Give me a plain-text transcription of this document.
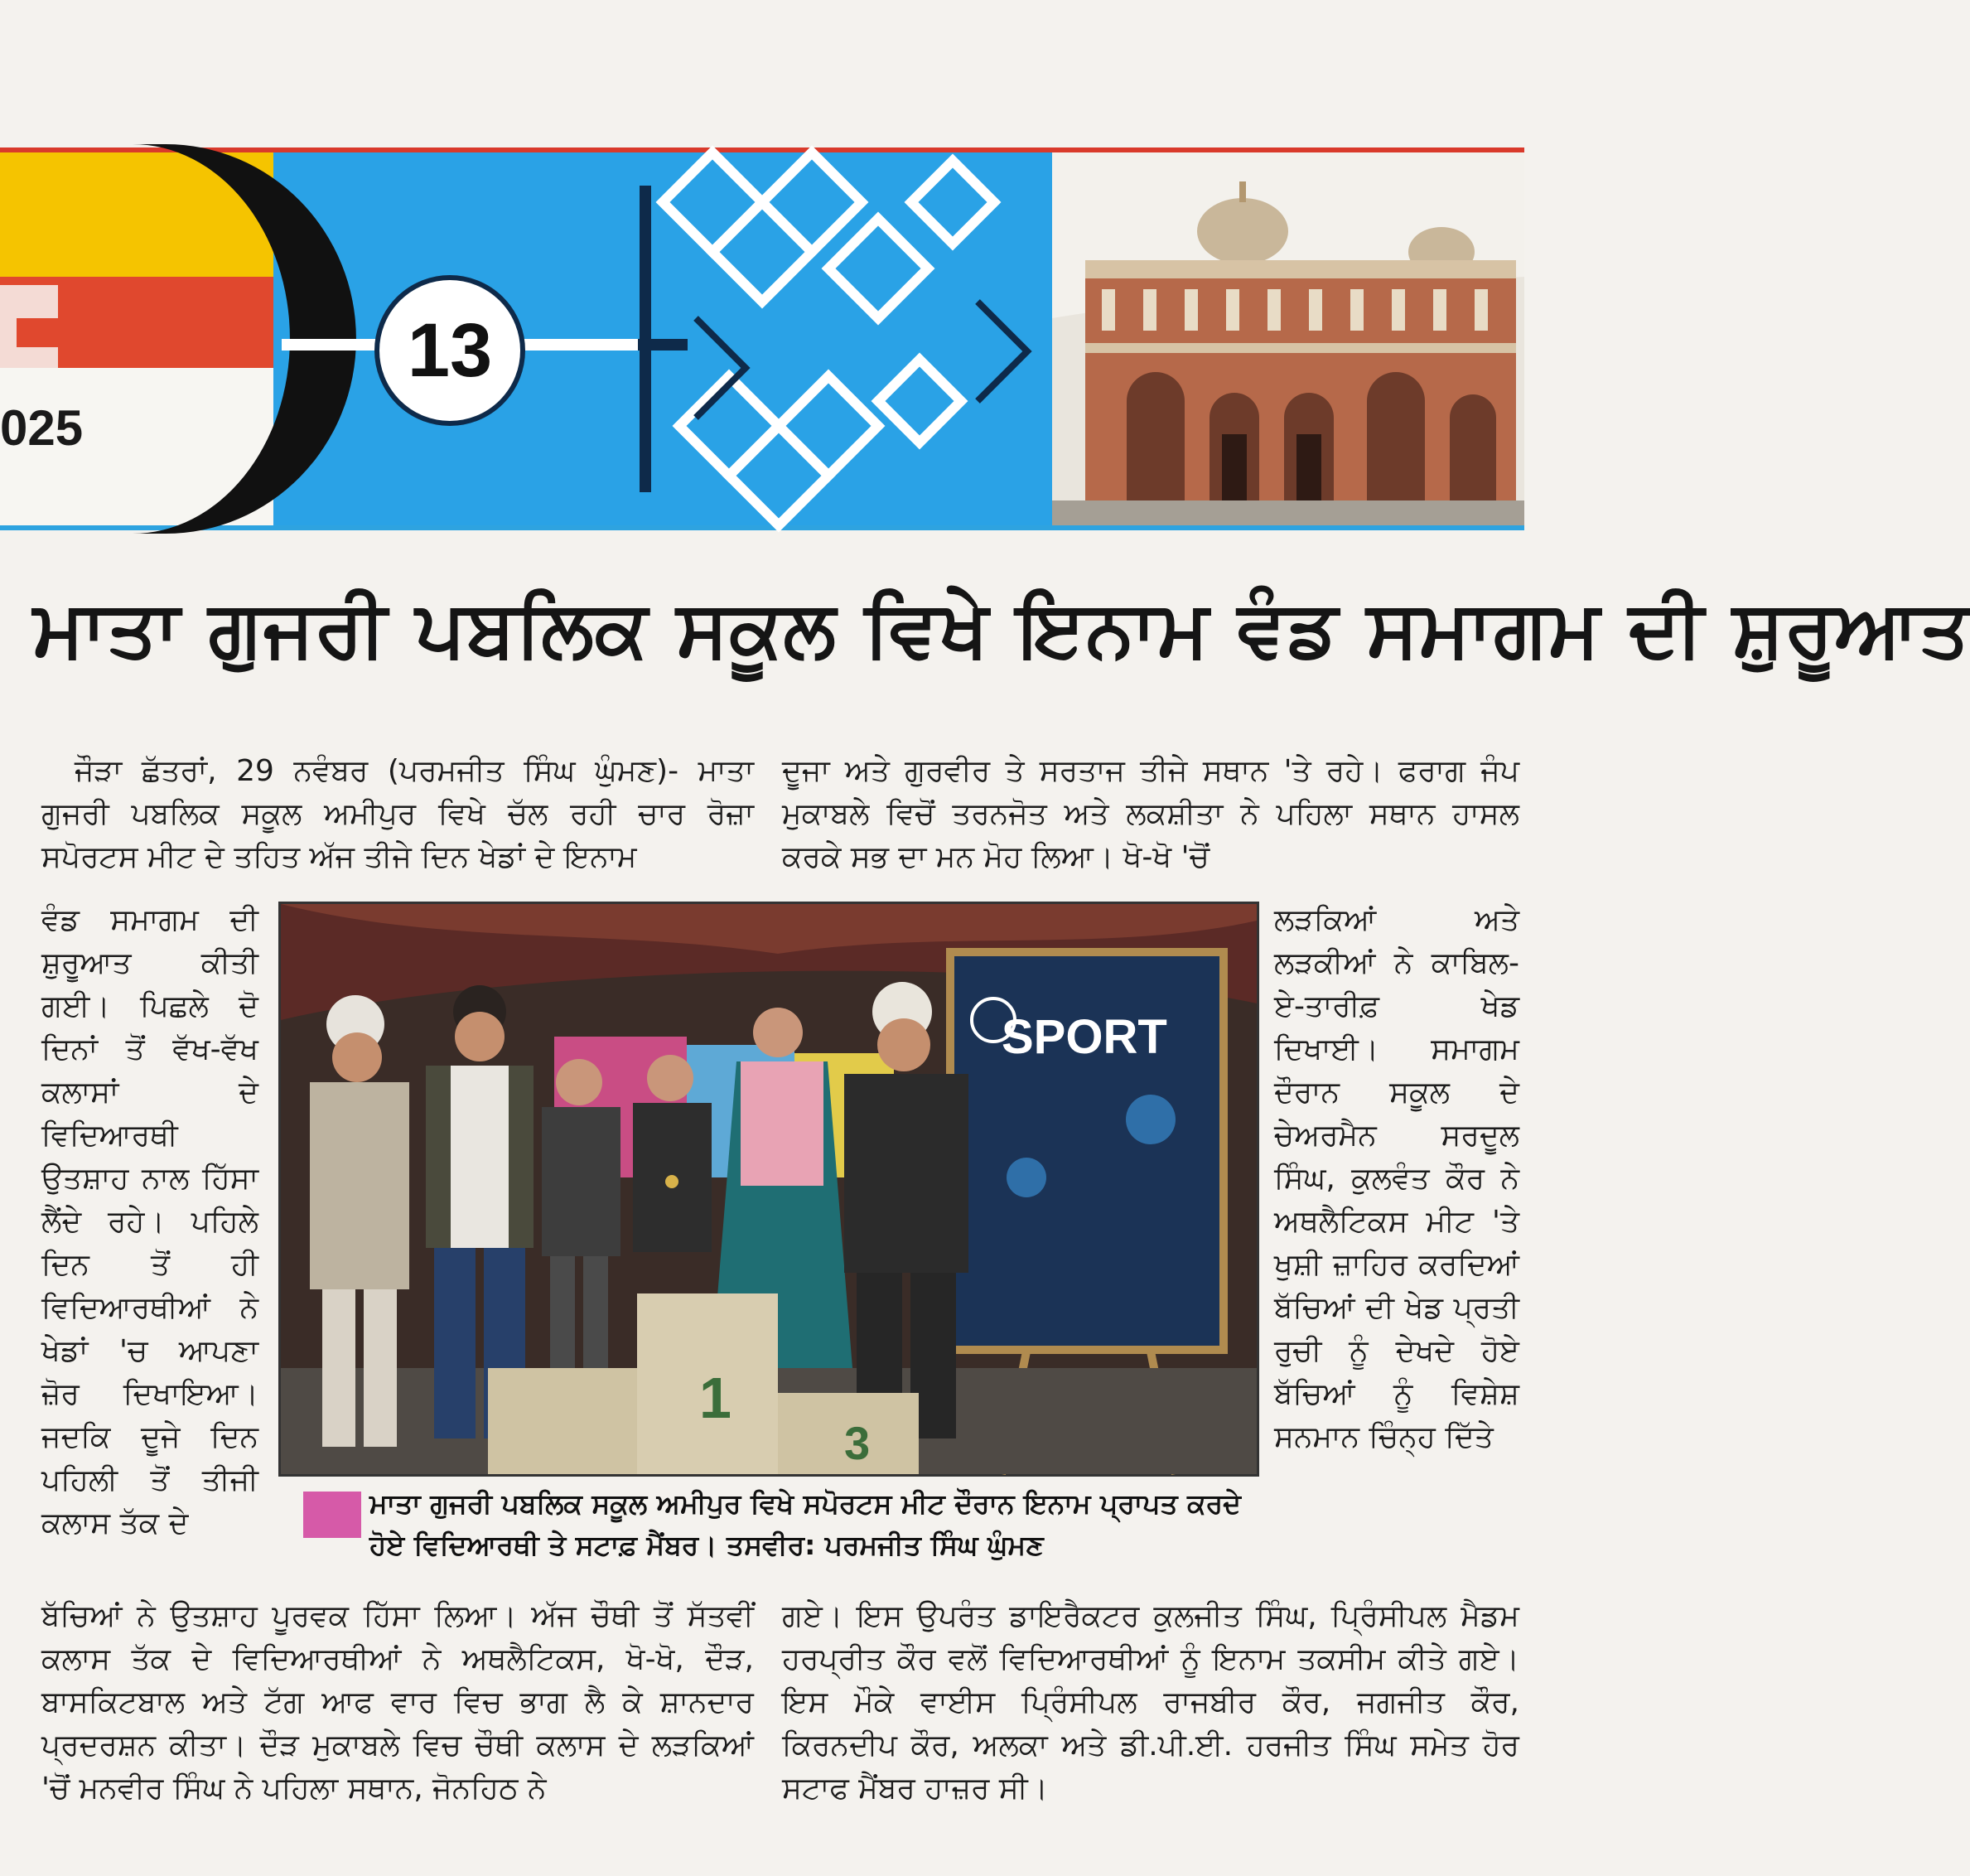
025
13
ਮਾਤਾ ਗੁਜਰੀ ਪਬਲਿਕ ਸਕੂਲ ਵਿਖੇ ਇਨਾਮ ਵੰਡ ਸਮਾਗਮ ਦੀ ਸ਼ੁਰੂਆਤ

ਜੌੜਾ ਛੱਤਰਾਂ, 29 ਨਵੰਬਰ (ਪਰਮਜੀਤ ਸਿੰਘ ਘੁੰਮਣ)- ਮਾਤਾ ਗੁਜਰੀ ਪਬਲਿਕ ਸਕੂਲ ਅਮੀਪੁਰ ਵਿਖੇ ਚੱਲ ਰਹੀ ਚਾਰ ਰੋਜ਼ਾ ਸਪੋਰਟਸ ਮੀਟ ਦੇ ਤਹਿਤ ਅੱਜ ਤੀਜੇ ਦਿਨ ਖੇਡਾਂ ਦੇ ਇਨਾਮ

ਦੂਜਾ ਅਤੇ ਗੁਰਵੀਰ ਤੇ ਸਰਤਾਜ ਤੀਜੇ ਸਥਾਨ 'ਤੇ ਰਹੇ। ਫਰਾਗ ਜੰਪ ਮੁਕਾਬਲੇ ਵਿਚੋਂ ਤਰਨਜੋਤ ਅਤੇ ਲਕਸ਼ੀਤਾ ਨੇ ਪਹਿਲਾ ਸਥਾਨ ਹਾਸਲ ਕਰਕੇ ਸਭ ਦਾ ਮਨ ਮੋਹ ਲਿਆ। ਖੋ-ਖੋ 'ਚੋਂ

ਵੰਡ ਸਮਾਗਮ ਦੀ ਸ਼ੁਰੂਆਤ ਕੀਤੀ ਗਈ। ਪਿਛਲੇ ਦੋ ਦਿਨਾਂ ਤੋਂ ਵੱਖ-ਵੱਖ ਕਲਾਸਾਂ ਦੇ ਵਿਦਿਆਰਥੀ ਉਤਸ਼ਾਹ ਨਾਲ ਹਿੱਸਾ ਲੈਂਦੇ ਰਹੇ। ਪਹਿਲੇ ਦਿਨ ਤੋਂ ਹੀ ਵਿਦਿਆਰਥੀਆਂ ਨੇ ਖੇਡਾਂ 'ਚ ਆਪਣਾ ਜ਼ੋਰ ਦਿਖਾਇਆ। ਜਦਕਿ ਦੂਜੇ ਦਿਨ ਪਹਿਲੀ ਤੋਂ ਤੀਜੀ ਕਲਾਸ ਤੱਕ ਦੇ

ਲੜਕਿਆਂ ਅਤੇ ਲੜਕੀਆਂ ਨੇ ਕਾਬਿਲ-ਏ-ਤਾਰੀਫ਼ ਖੇਡ ਦਿਖਾਈ। ਸਮਾਗਮ ਦੌਰਾਨ ਸਕੂਲ ਦੇ ਚੇਅਰਮੈਨ ਸਰਦੂਲ ਸਿੰਘ, ਕੁਲਵੰਤ ਕੌਰ ਨੇ ਅਥਲੈਟਿਕਸ ਮੀਟ 'ਤੇ ਖੁਸ਼ੀ ਜ਼ਾਹਿਰ ਕਰਦਿਆਂ ਬੱਚਿਆਂ ਦੀ ਖੇਡ ਪ੍ਰਤੀ ਰੁਚੀ ਨੂੰ ਦੇਖਦੇ ਹੋਏ ਬੱਚਿਆਂ ਨੂੰ ਵਿਸ਼ੇਸ਼ ਸਨਮਾਨ ਚਿੰਨ੍ਹ ਦਿੱਤੇ

ਬੱਚਿਆਂ ਨੇ ਉਤਸ਼ਾਹ ਪੂਰਵਕ ਹਿੱਸਾ ਲਿਆ। ਅੱਜ ਚੌਥੀ ਤੋਂ ਸੱਤਵੀਂ ਕਲਾਸ ਤੱਕ ਦੇ ਵਿਦਿਆਰਥੀਆਂ ਨੇ ਅਥਲੈਟਿਕਸ, ਖੋ-ਖੋ, ਦੌੜ, ਬਾਸਕਿਟਬਾਲ ਅਤੇ ਟੱਗ ਆਫ ਵਾਰ ਵਿਚ ਭਾਗ ਲੈ ਕੇ ਸ਼ਾਨਦਾਰ ਪ੍ਰਦਰਸ਼ਨ ਕੀਤਾ। ਦੌੜ ਮੁਕਾਬਲੇ ਵਿਚ ਚੌਥੀ ਕਲਾਸ ਦੇ ਲੜਕਿਆਂ 'ਚੋਂ ਮਨਵੀਰ ਸਿੰਘ ਨੇ ਪਹਿਲਾ ਸਥਾਨ, ਜੋਨਹਿਠ ਨੇ

ਗਏ। ਇਸ ਉਪਰੰਤ ਡਾਇਰੈਕਟਰ ਕੁਲਜੀਤ ਸਿੰਘ, ਪ੍ਰਿੰਸੀਪਲ ਮੈਡਮ ਹਰਪ੍ਰੀਤ ਕੌਰ ਵਲੋਂ ਵਿਦਿਆਰਥੀਆਂ ਨੂੰ ਇਨਾਮ ਤਕਸੀਮ ਕੀਤੇ ਗਏ। ਇਸ ਮੌਕੇ ਵਾਈਸ ਪ੍ਰਿੰਸੀਪਲ ਰਾਜਬੀਰ ਕੌਰ, ਜਗਜੀਤ ਕੌਰ, ਕਿਰਨਦੀਪ ਕੌਰ, ਅਲਕਾ ਅਤੇ ਡੀ.ਪੀ.ਈ. ਹਰਜੀਤ ਸਿੰਘ ਸਮੇਤ ਹੋਰ ਸਟਾਫ ਮੈਂਬਰ ਹਾਜ਼ਰ ਸੀ।

SPORT
1
3
ਮਾਤਾ ਗੁਜਰੀ ਪਬਲਿਕ ਸਕੂਲ ਅਮੀਪੁਰ ਵਿਖੇ ਸਪੋਰਟਸ ਮੀਟ ਦੌਰਾਨ ਇਨਾਮ ਪ੍ਰਾਪਤ ਕਰਦੇ ਹੋਏ ਵਿਦਿਆਰਥੀ ਤੇ ਸਟਾਫ਼ ਮੈਂਬਰ। ਤਸਵੀਰ: ਪਰਮਜੀਤ ਸਿੰਘ ਘੁੰਮਣ
